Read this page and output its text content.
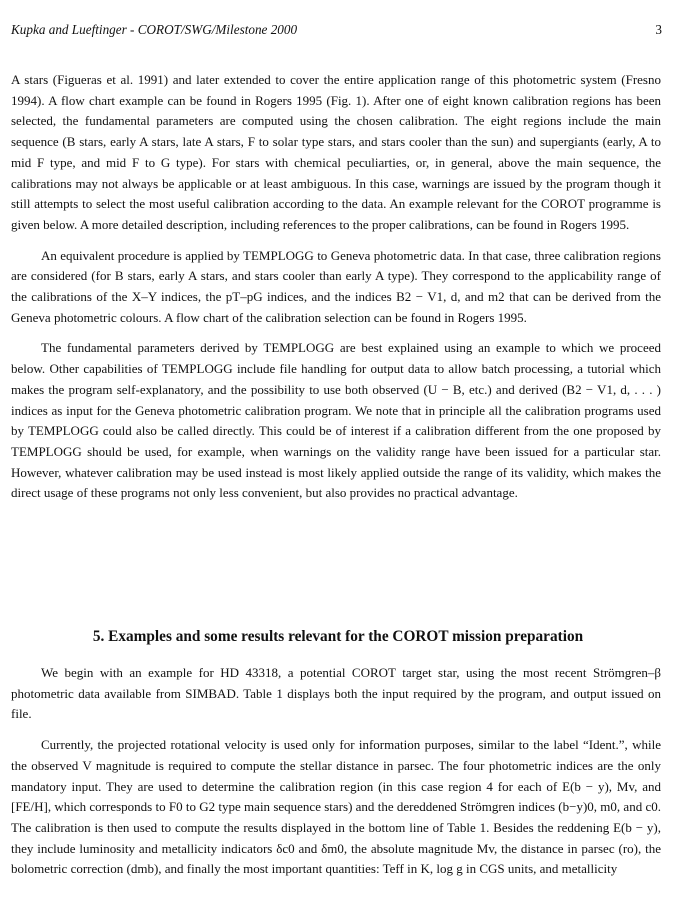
Kupka and Lueftinger - COROT/SWG/Milestone 2000	3

A stars (Figueras et al. 1991) and later extended to cover the entire application range of this photometric system (Fresno 1994). A flow chart example can be found in Rogers 1995 (Fig. 1). After one of eight known calibration regions has been selected, the fundamental parameters are computed using the chosen calibration. The eight regions include the main sequence (B stars, early A stars, late A stars, F to solar type stars, and stars cooler than the sun) and supergiants (early, A to mid F type, and mid F to G type). For stars with chemical peculiarties, or, in general, above the main sequence, the calibrations may not always be applicable or at least ambiguous. In this case, warnings are issued by the program though it still attempts to select the most useful calibration according to the data. An example relevant for the COROT programme is given below. A more detailed description, including references to the proper calibrations, can be found in Rogers 1995.

An equivalent procedure is applied by TEMPLOGG to Geneva photometric data. In that case, three calibration regions are considered (for B stars, early A stars, and stars cooler than early A type). They correspond to the applicability range of the calibrations of the X–Y indices, the pT–pG indices, and the indices B2 − V1, d, and m2 that can be derived from the Geneva photometric colours. A flow chart of the calibration selection can be found in Rogers 1995.

The fundamental parameters derived by TEMPLOGG are best explained using an example to which we proceed below. Other capabilities of TEMPLOGG include file handling for output data to allow batch processing, a tutorial which makes the program self-explanatory, and the possibility to use both observed (U − B, etc.) and derived (B2 − V1, d, . . . ) indices as input for the Geneva photometric calibration program. We note that in principle all the calibration programs used by TEMPLOGG could also be called directly. This could be of interest if a calibration different from the one proposed by TEMPLOGG should be used, for example, when warnings on the validity range have been issued for a particular star. However, whatever calibration may be used instead is most likely applied outside the range of its validity, which makes the direct usage of these programs not only less convenient, but also provides no practical advantage.

5. Examples and some results relevant for the COROT mission preparation

We begin with an example for HD 43318, a potential COROT target star, using the most recent Strömgren–β photometric data available from SIMBAD. Table 1 displays both the input required by the program, and output issued on file.

Currently, the projected rotational velocity is used only for information purposes, similar to the label “Ident.”, while the observed V magnitude is required to compute the stellar distance in parsec. The four photometric indices are the only mandatory input. They are used to determine the calibration region (in this case region 4 for each of E(b − y), Mv, and [FE/H], which corresponds to F0 to G2 type main sequence stars) and the dereddened Strömgren indices (b−y)0, m0, and c0. The calibration is then used to compute the results displayed in the bottom line of Table 1. Besides the reddening E(b − y), they include luminosity and metallicity indicators δc0 and δm0, the absolute magnitude Mv, the distance in parsec (ro), the bolometric correction (dmb), and finally the most important quantities: Teff in K, log g in CGS units, and metallicity
